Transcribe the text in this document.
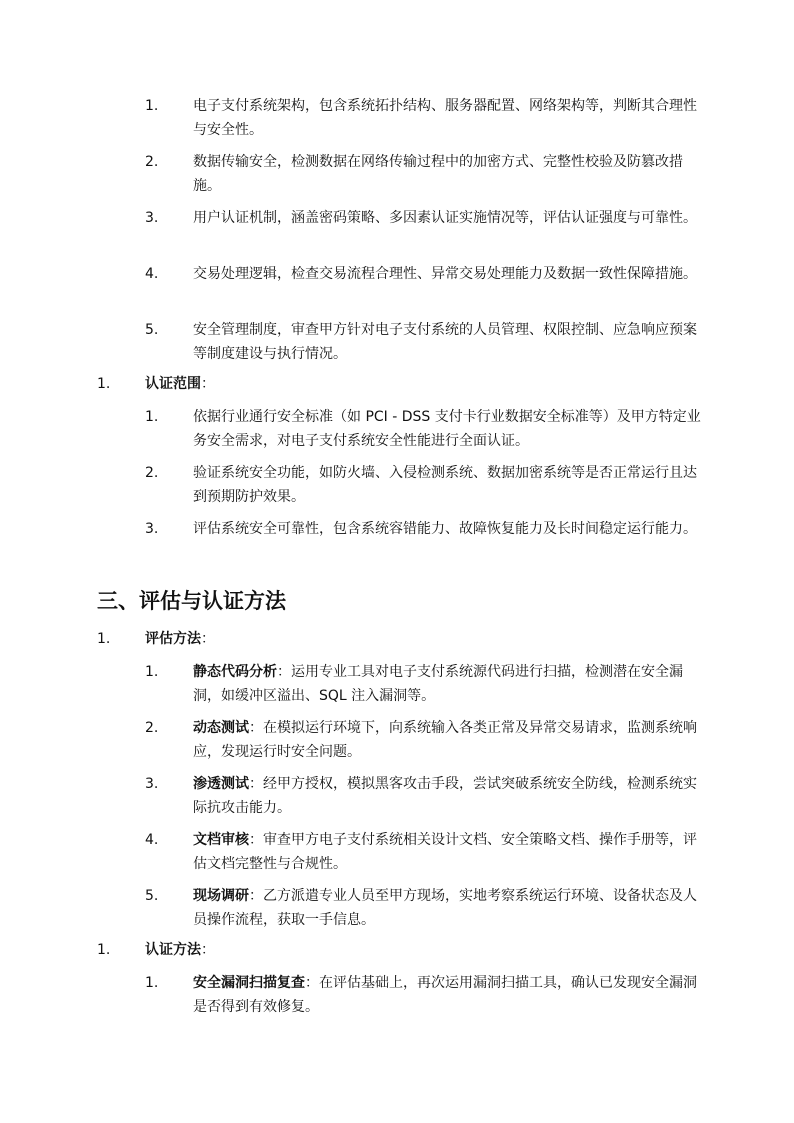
1. 电子支付系统架构，包含系统拓扑结构、服务器配置、网络架构等，判断其合理性与安全性。
2. 数据传输安全，检测数据在网络传输过程中的加密方式、完整性校验及防篡改措施。
3. 用户认证机制，涵盖密码策略、多因素认证实施情况等，评估认证强度与可靠性。
4. 交易处理逻辑，检查交易流程合理性、异常交易处理能力及数据一致性保障措施。
5. 安全管理制度，审查甲方针对电子支付系统的人员管理、权限控制、应急响应预案等制度建设与执行情况。
1. 认证范围：
1. 依据行业通行安全标准（如 PCI - DSS 支付卡行业数据安全标准等）及甲方特定业务安全需求，对电子支付系统安全性能进行全面认证。
2. 验证系统安全功能，如防火墙、入侵检测系统、数据加密系统等是否正常运行且达到预期防护效果。
3. 评估系统安全可靠性，包含系统容错能力、故障恢复能力及长时间稳定运行能力。
三、评估与认证方法
1. 评估方法：
1. 静态代码分析：运用专业工具对电子支付系统源代码进行扫描，检测潜在安全漏洞，如缓冲区溢出、SQL 注入漏洞等。
2. 动态测试：在模拟运行环境下，向系统输入各类正常及异常交易请求，监测系统响应，发现运行时安全问题。
3. 渗透测试：经甲方授权，模拟黑客攻击手段，尝试突破系统安全防线，检测系统实际抗攻击能力。
4. 文档审核：审查甲方电子支付系统相关设计文档、安全策略文档、操作手册等，评估文档完整性与合规性。
5. 现场调研：乙方派遣专业人员至甲方现场，实地考察系统运行环境、设备状态及人员操作流程，获取一手信息。
1. 认证方法：
1. 安全漏洞扫描复查：在评估基础上，再次运用漏洞扫描工具，确认已发现安全漏洞是否得到有效修复。
